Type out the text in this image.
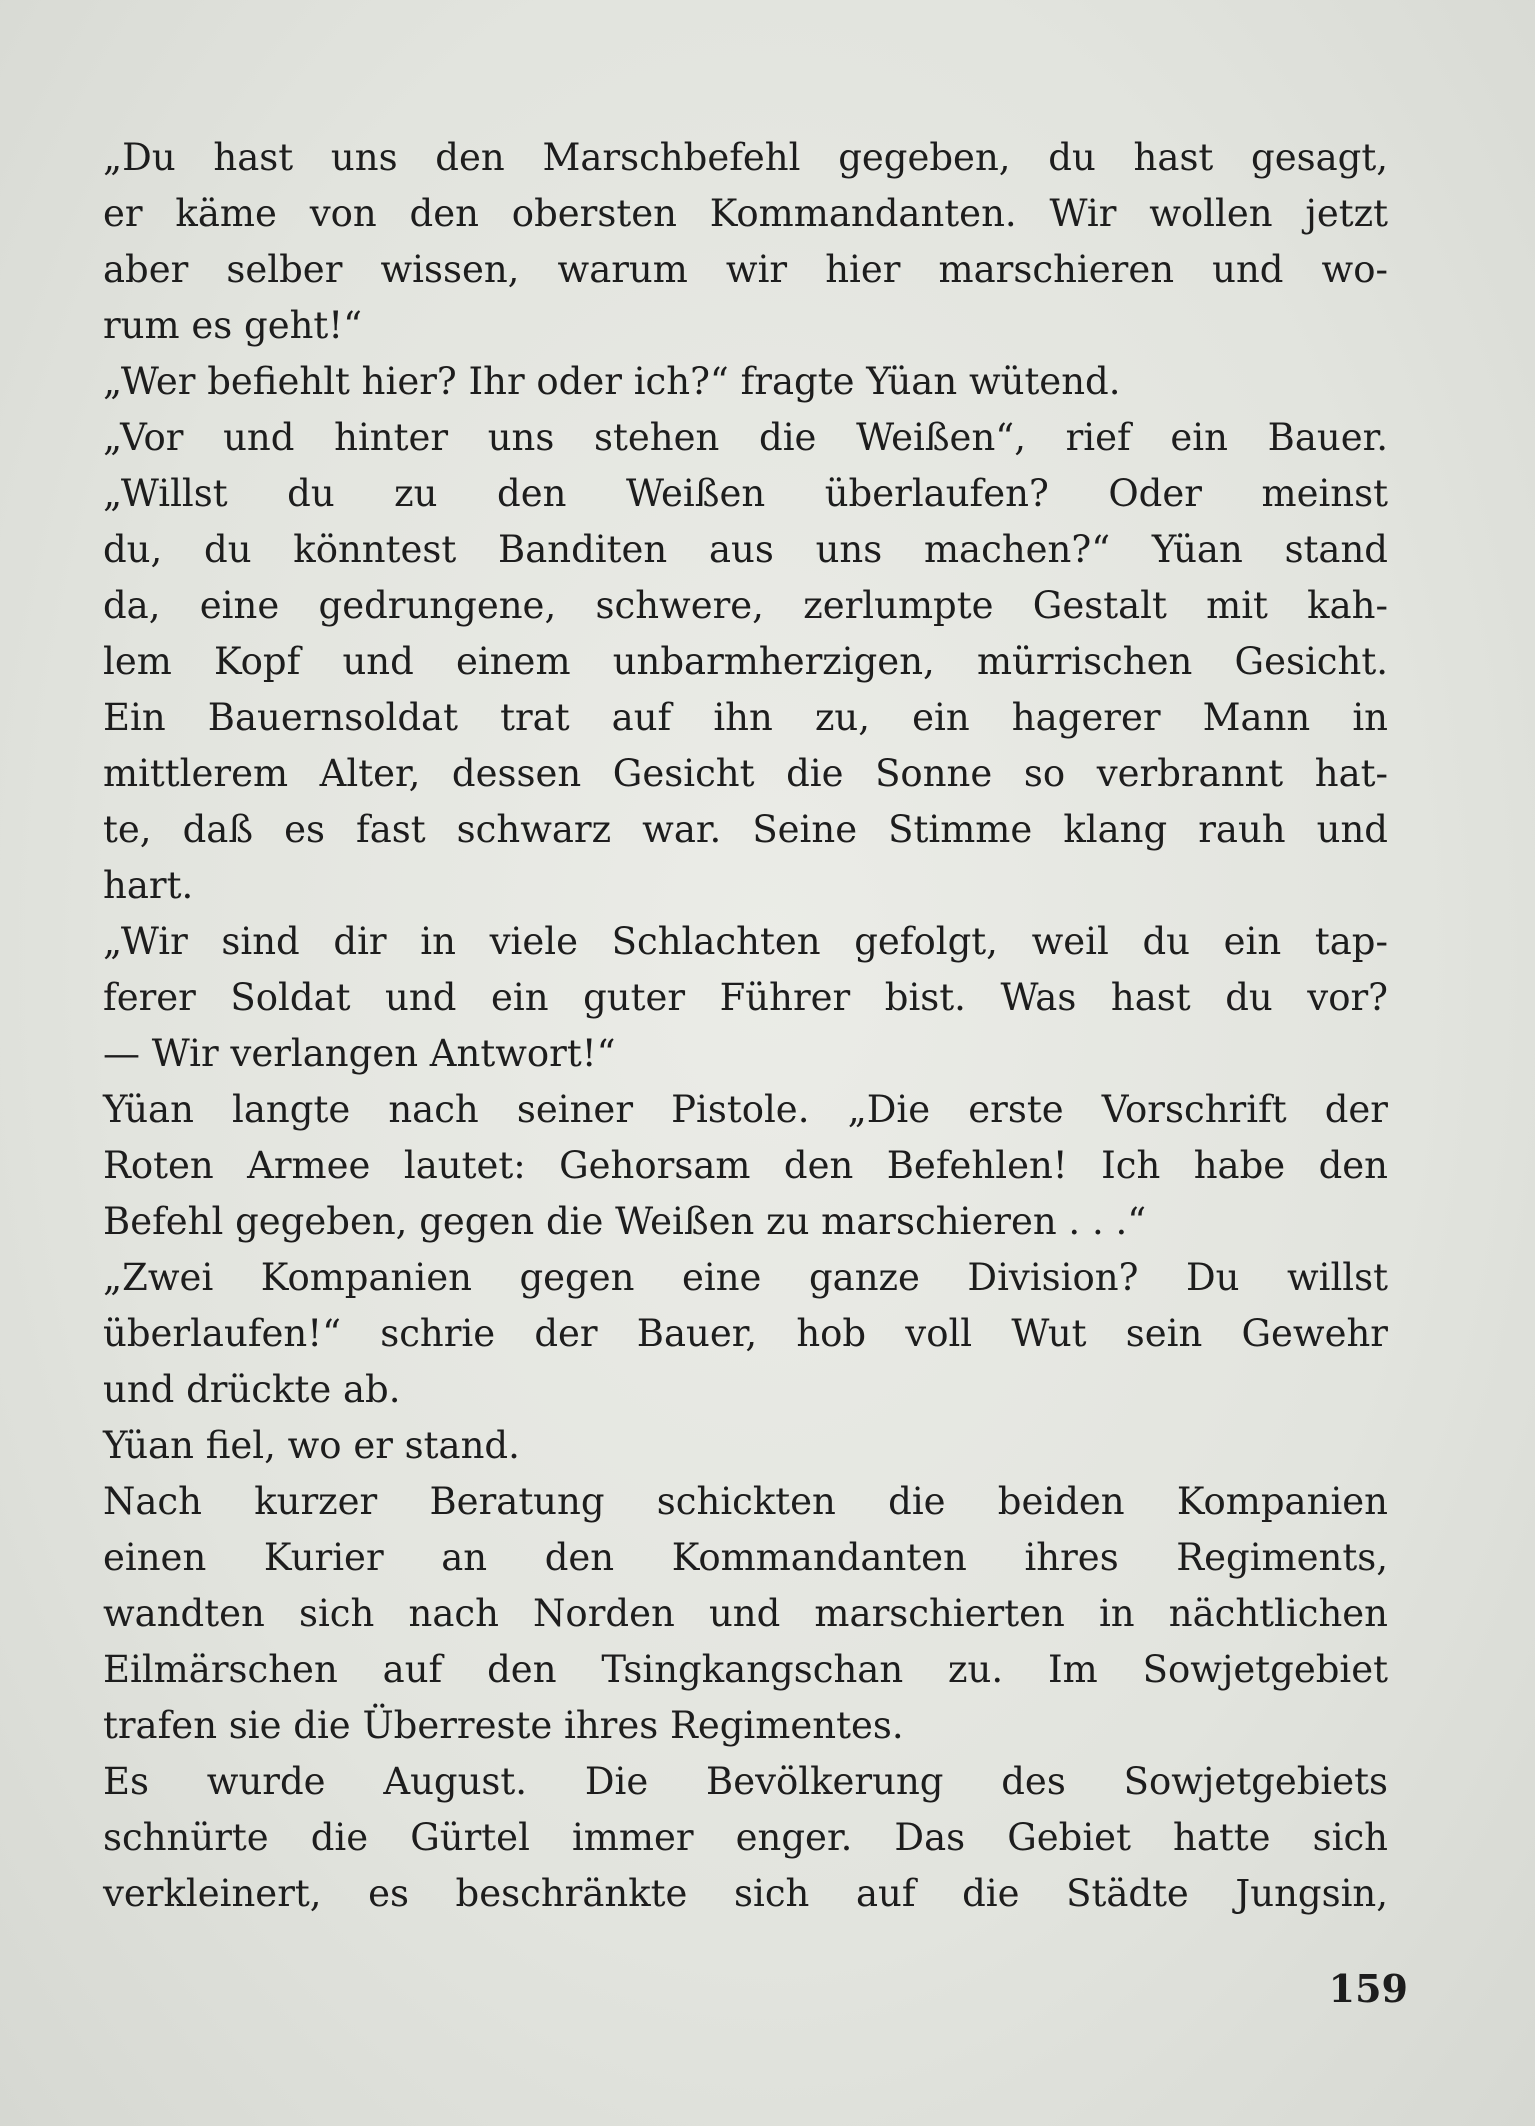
„Du hast uns den Marschbefehl gegeben, du hast gesagt,
er käme von den obersten Kommandanten. Wir wollen jetzt
aber selber wissen, warum wir hier marschieren und wo-
rum es geht!“
„Wer befiehlt hier? Ihr oder ich?“ fragte Yüan wütend.
„Vor und hinter uns stehen die Weißen“, rief ein Bauer.
„Willst du zu den Weißen überlaufen? Oder meinst
du, du könntest Banditen aus uns machen?“ Yüan stand
da, eine gedrungene, schwere, zerlumpte Gestalt mit kah-
lem Kopf und einem unbarmherzigen, mürrischen Gesicht.
Ein Bauernsoldat trat auf ihn zu, ein hagerer Mann in
mittlerem Alter, dessen Gesicht die Sonne so verbrannt hat-
te, daß es fast schwarz war. Seine Stimme klang rauh und
hart.
„Wir sind dir in viele Schlachten gefolgt, weil du ein tap-
ferer Soldat und ein guter Führer bist. Was hast du vor?
— Wir verlangen Antwort!“
Yüan langte nach seiner Pistole. „Die erste Vorschrift der
Roten Armee lautet: Gehorsam den Befehlen! Ich habe den
Befehl gegeben, gegen die Weißen zu marschieren . . .“
„Zwei Kompanien gegen eine ganze Division? Du willst
überlaufen!“ schrie der Bauer, hob voll Wut sein Gewehr
und drückte ab.
Yüan fiel, wo er stand.
Nach kurzer Beratung schickten die beiden Kompanien
einen Kurier an den Kommandanten ihres Regiments,
wandten sich nach Norden und marschierten in nächtlichen
Eilmärschen auf den Tsingkangschan zu. Im Sowjetgebiet
trafen sie die Überreste ihres Regimentes.
Es wurde August. Die Bevölkerung des Sowjetgebiets
schnürte die Gürtel immer enger. Das Gebiet hatte sich
verkleinert, es beschränkte sich auf die Städte Jungsin,
159
